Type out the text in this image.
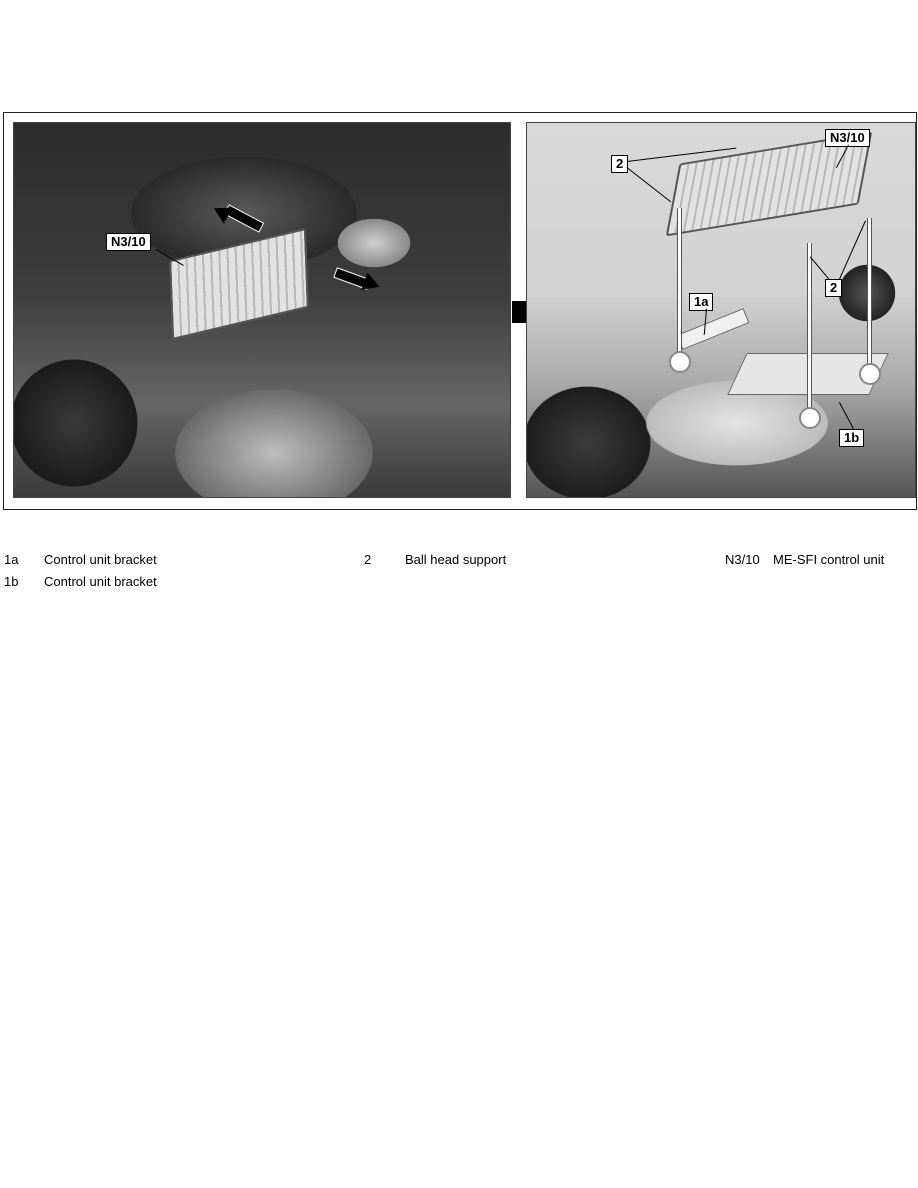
N3/10
N3/10
2
2
1a
1b
1a Control unit bracket
1b Control unit bracket
2	Ball head support	N3/10 ME-SFI control unit
